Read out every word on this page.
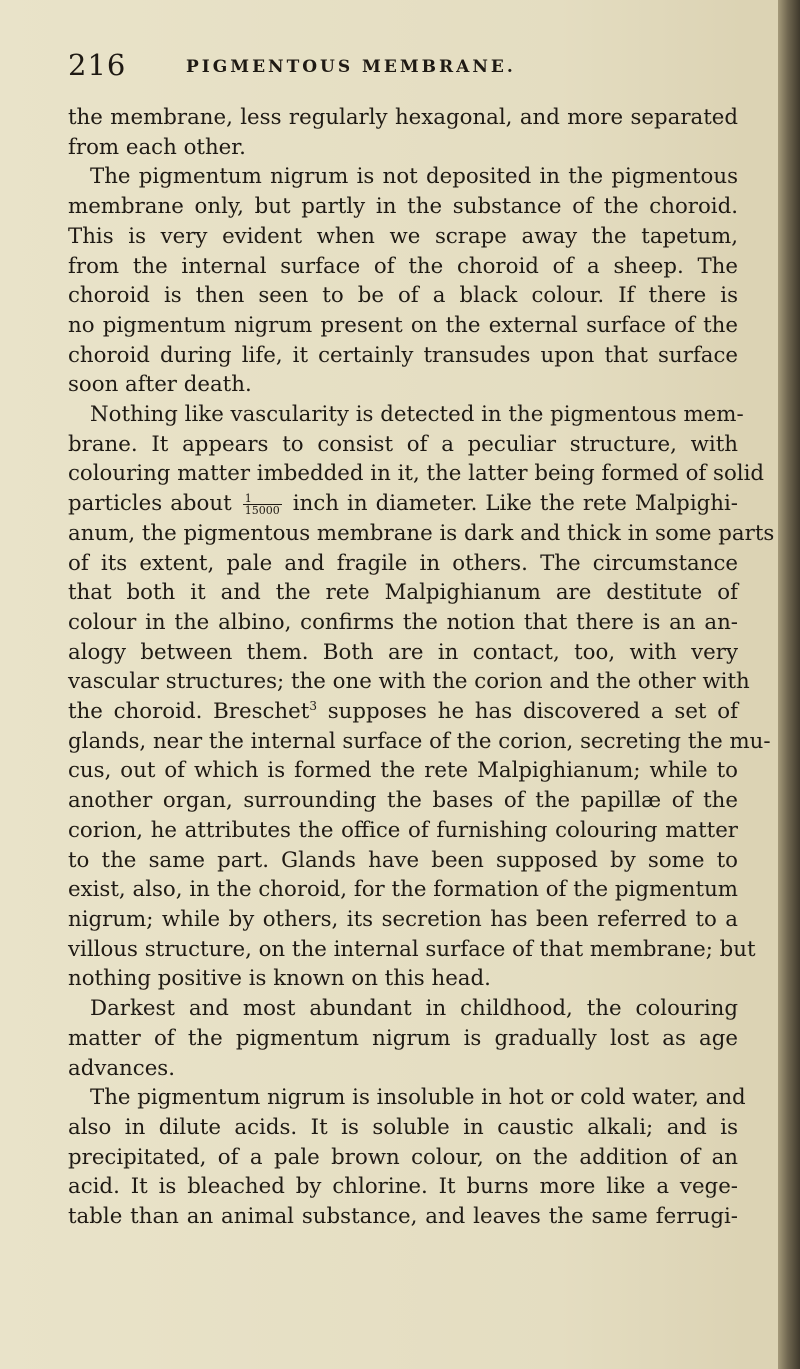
216	PIGMENTOUS MEMBRANE.
the membrane, less regularly hexagonal, and more separated
from each other.
The pigmentum nigrum is not deposited in the pigmentous
membrane only, but partly in the substance of the choroid.
This is very evident when we scrape away the tapetum,
from the internal surface of the choroid of a sheep. The
choroid is then seen to be of a black colour. If there is
no pigmentum nigrum present on the external surface of the
choroid during life, it certainly transudes upon that surface
soon after death.
Nothing like vascularity is detected in the pigmentous mem-
brane. It appears to consist of a peculiar structure, with
colouring matter imbedded in it, the latter being formed of solid
particles about $\frac{1}{15000}$ inch in diameter. Like the rete Malpighi-
anum, the pigmentous membrane is dark and thick in some parts
of its extent, pale and fragile in others. The circumstance
that both it and the rete Malpighianum are destitute of
colour in the albino, confirms the notion that there is an an-
alogy between them. Both are in contact, too, with very
vascular structures; the one with the corion and the other with
the choroid. Breschet$^3$ supposes he has discovered a set of
glands, near the internal surface of the corion, secreting the mu-
cus, out of which is formed the rete Malpighianum; while to
another organ, surrounding the bases of the papillæ of the
corion, he attributes the office of furnishing colouring matter
to the same part. Glands have been supposed by some to
exist, also, in the choroid, for the formation of the pigmentum
nigrum; while by others, its secretion has been referred to a
villous structure, on the internal surface of that membrane; but
nothing positive is known on this head.
Darkest and most abundant in childhood, the colouring
matter of the pigmentum nigrum is gradually lost as age
advances.
The pigmentum nigrum is insoluble in hot or cold water, and
also in dilute acids. It is soluble in caustic alkali; and is
precipitated, of a pale brown colour, on the addition of an
acid. It is bleached by chlorine. It burns more like a vege-
table than an animal substance, and leaves the same ferrugi-
